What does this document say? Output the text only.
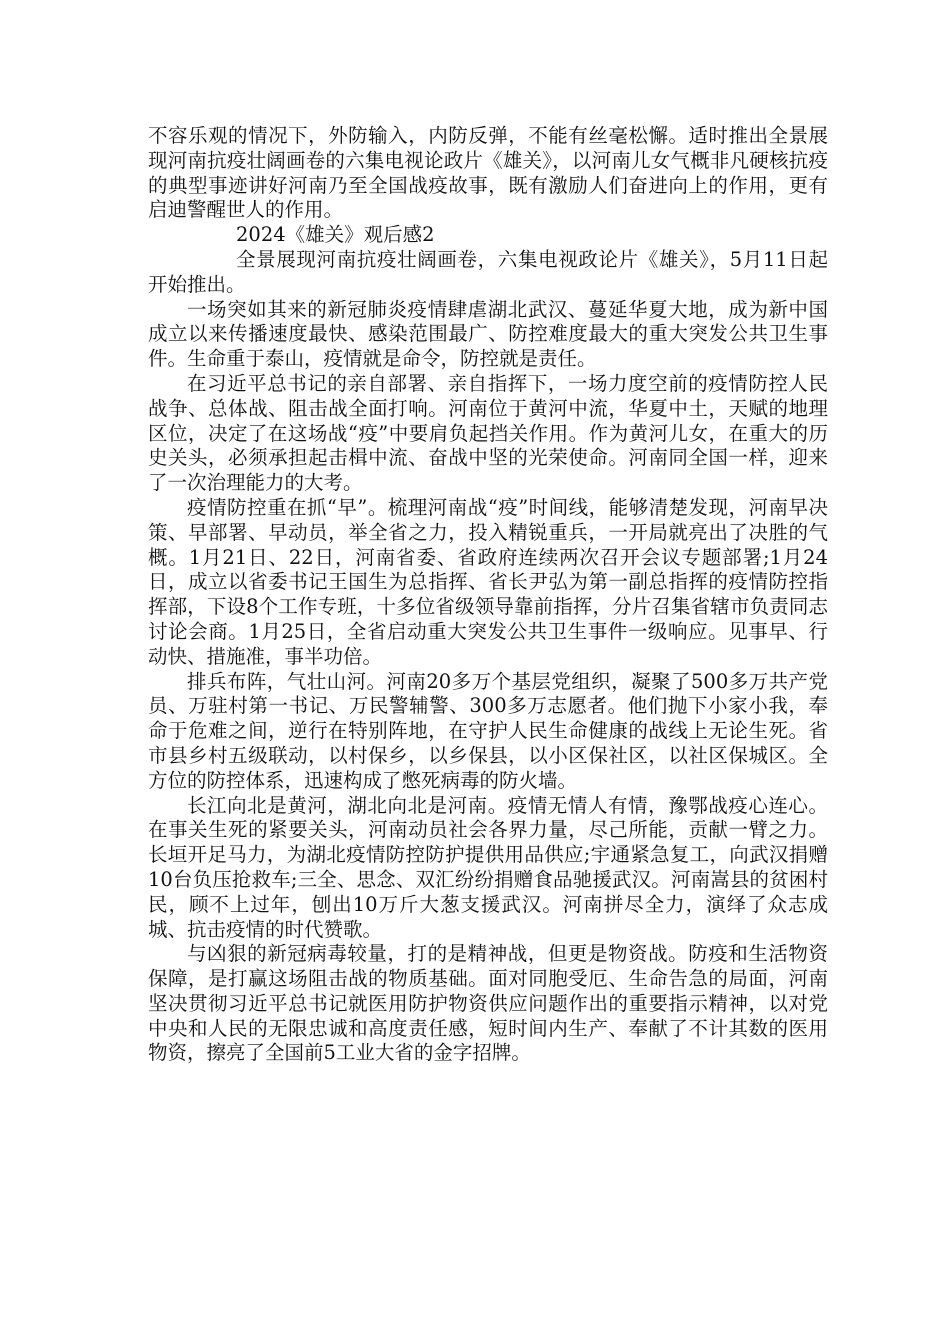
不容乐观的情况下，外防输入，内防反弹，不能有丝毫松懈。适时推出全景展现河南抗疫壮阔画卷的六集电视论政片《雄关》，以河南儿女气概非凡硬核抗疫的典型事迹讲好河南乃至全国战疫故事，既有激励人们奋进向上的作用，更有启迪警醒世人的作用。

2024《雄关》观后感2

全景展现河南抗疫壮阔画卷，六集电视政论片《雄关》，5月11日起开始推出。

一场突如其来的新冠肺炎疫情肆虐湖北武汉、蔓延华夏大地，成为新中国成立以来传播速度最快、感染范围最广、防控难度最大的重大突发公共卫生事件。生命重于泰山，疫情就是命令，防控就是责任。

在习近平总书记的亲自部署、亲自指挥下，一场力度空前的疫情防控人民战争、总体战、阻击战全面打响。河南位于黄河中流，华夏中土，天赋的地理区位，决定了在这场战“疫”中要肩负起挡关作用。作为黄河儿女，在重大的历史关头，必须承担起击楫中流、奋战中坚的光荣使命。河南同全国一样，迎来了一次治理能力的大考。

疫情防控重在抓“早”。梳理河南战“疫”时间线，能够清楚发现，河南早决策、早部署、早动员，举全省之力，投入精锐重兵，一开局就亮出了决胜的气概。1月21日、22日，河南省委、省政府连续两次召开会议专题部署;1月24日，成立以省委书记王国生为总指挥、省长尹弘为第一副总指挥的疫情防控指挥部，下设8个工作专班，十多位省级领导靠前指挥，分片召集省辖市负责同志讨论会商。1月25日，全省启动重大突发公共卫生事件一级响应。见事早、行动快、措施准，事半功倍。

排兵布阵，气壮山河。河南20多万个基层党组织，凝聚了500多万共产党员、万驻村第一书记、万民警辅警、300多万志愿者。他们抛下小家小我，奉命于危难之间，逆行在特别阵地，在守护人民生命健康的战线上无论生死。省市县乡村五级联动，以村保乡，以乡保县，以小区保社区，以社区保城区。全方位的防控体系，迅速构成了憋死病毒的防火墙。

长江向北是黄河，湖北向北是河南。疫情无情人有情，豫鄂战疫心连心。在事关生死的紧要关头，河南动员社会各界力量，尽己所能，贡献一臂之力。长垣开足马力，为湖北疫情防控防护提供用品供应;宇通紧急复工，向武汉捐赠10台负压抢救车;三全、思念、双汇纷纷捐赠食品驰援武汉。河南嵩县的贫困村民，顾不上过年，刨出10万斤大葱支援武汉。河南拼尽全力，演绎了众志成城、抗击疫情的时代赞歌。

与凶狠的新冠病毒较量，打的是精神战，但更是物资战。防疫和生活物资保障，是打赢这场阻击战的物质基础。面对同胞受厄、生命告急的局面，河南坚决贯彻习近平总书记就医用防护物资供应问题作出的重要指示精神，以对党中央和人民的无限忠诚和高度责任感，短时间内生产、奉献了不计其数的医用物资，擦亮了全国前5工业大省的金字招牌。
